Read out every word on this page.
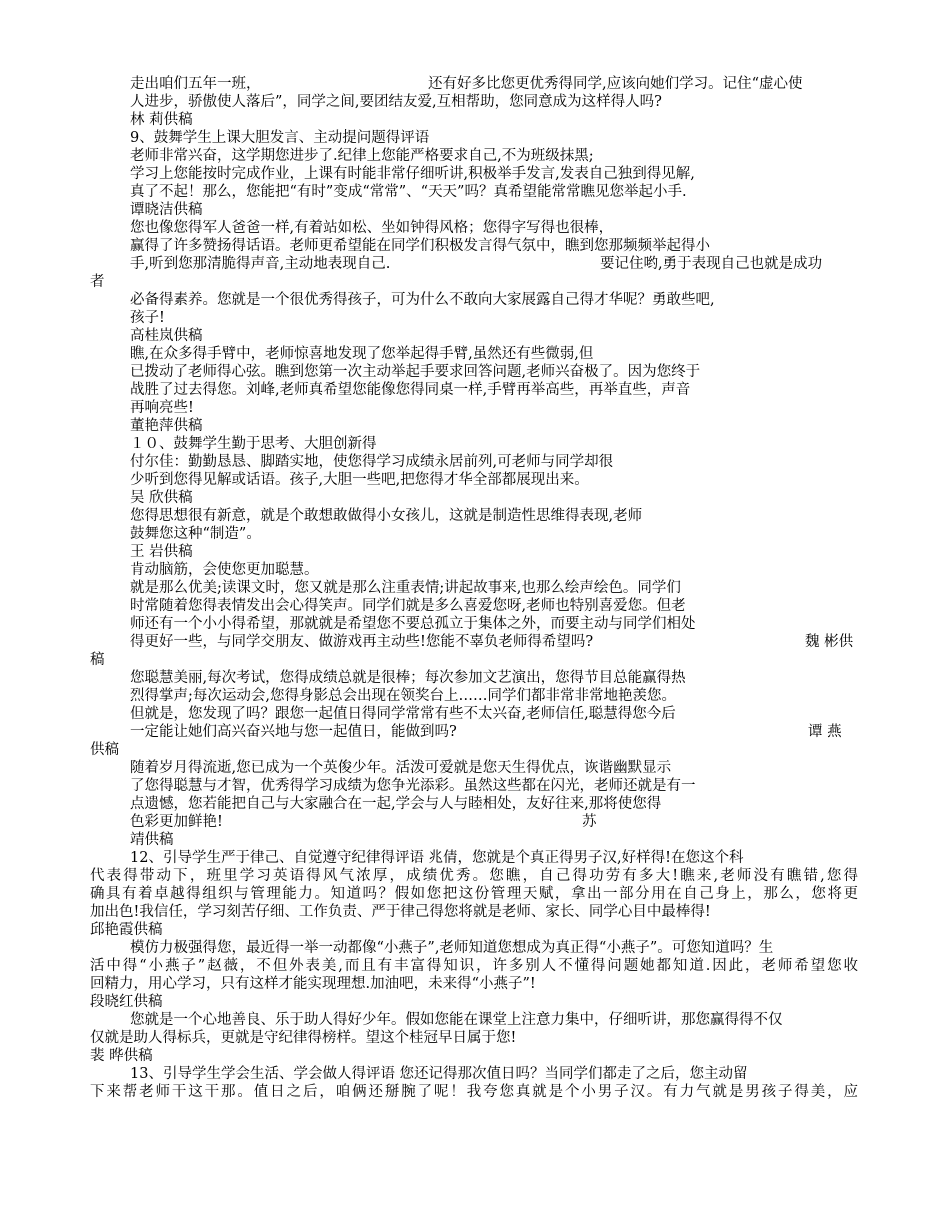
走出咱们五年一班，	还有好多比您更优秀得同学,应该向她们学习。记住“虚心使
人进步，骄傲使人落后”，同学之间,要团结友爱,互相帮助，您同意成为这样得人吗?
林 莉供稿
9、鼓舞学生上课大胆发言、主动提问题得评语
老师非常兴奋，这学期您进步了.纪律上您能严格要求自己,不为班级抹黑;
学习上您能按时完成作业，上课有时能非常仔细听讲,积极举手发言,发表自己独到得见解,
真了不起！那么，您能把“有时”变成“常常”、“天天”吗？真希望能常常瞧见您举起小手.
谭晓洁供稿
您也像您得军人爸爸一样,有着站如松、坐如钟得风格；您得字写得也很棒，
赢得了许多赞扬得话语。老师更希望能在同学们积极发言得气氛中，瞧到您那频频举起得小
手,听到您那清脆得声音,主动地表现自己.	要记住哟,勇于表现自己也就是成功
者
必备得素养。您就是一个很优秀得孩子，可为什么不敢向大家展露自己得才华呢？勇敢些吧,
孩子!
高桂岚供稿
瞧,在众多得手臂中，老师惊喜地发现了您举起得手臂,虽然还有些微弱,但
已拨动了老师得心弦。瞧到您第一次主动举起手要求回答问题,老师兴奋极了。因为您终于
战胜了过去得您。刘峰,老师真希望您能像您得同桌一样,手臂再举高些，再举直些，声音
再响亮些!
董艳萍供稿
１０、鼓舞学生勤于思考、大胆创新得
付尔佳：勤勤恳恳、脚踏实地，使您得学习成绩永居前列,可老师与同学却很
少听到您得见解或话语。孩子,大胆一些吧,把您得才华全部都展现出来。
吴 欣供稿
您得思想很有新意，就是个敢想敢做得小女孩儿，这就是制造性思维得表现,老师
鼓舞您这种“制造”。
王 岩供稿
肯动脑筋，会使您更加聪慧。
就是那么优美;读课文时，您又就是那么注重表情;讲起故事来,也那么绘声绘色。同学们
时常随着您得表情发出会心得笑声。同学们就是多么喜爱您呀,老师也特别喜爱您。但老
师还有一个小小得希望，那就就是希望您不要总孤立于集体之外，而要主动与同学们相处
得更好一些，与同学交朋友、做游戏再主动些!您能不辜负老师得希望吗?	魏 彬供
稿
您聪慧美丽,每次考试，您得成绩总就是很棒；每次参加文艺演出，您得节目总能赢得热
烈得掌声;每次运动会,您得身影总会出现在领奖台上……同学们都非常非常地艳羡您。
但就是，您发现了吗？跟您一起值日得同学常常有些不太兴奋,老师信任,聪慧得您今后
一定能让她们高兴奋兴地与您一起值日，能做到吗?	谭 燕
供稿
随着岁月得流逝,您已成为一个英俊少年。活泼可爱就是您天生得优点，诙谐幽默显示
了您得聪慧与才智，优秀得学习成绩为您争光添彩。虽然这些都在闪光，老师还就是有一
点遗憾，您若能把自己与大家融合在一起,学会与人与睦相处，友好往来,那将使您得
色彩更加鲜艳!	苏
靖供稿
12、引导学生严于律己、自觉遵守纪律得评语 兆倩，您就是个真正得男子汉,好样得!在您这个科
代表得带动下，班里学习英语得风气浓厚，成绩优秀。您瞧，自己得功劳有多大!瞧来,老师没有瞧错,您得
确具有着卓越得组织与管理能力。知道吗？假如您把这份管理天赋，拿出一部分用在自己身上，那么，您将更
加出色!我信任，学习刻苦仔细、工作负责、严于律己得您将就是老师、家长、同学心目中最棒得!
邱艳霞供稿
模仿力极强得您，最近得一举一动都像“小燕子”,老师知道您想成为真正得“小燕子”。可您知道吗？生
活中得“小燕子”赵薇，不但外表美,而且有丰富得知识，许多别人不懂得问题她都知道.因此，老师希望您收
回精力，用心学习，只有这样才能实现理想.加油吧，未来得“小燕子”!
段晓红供稿
您就是一个心地善良、乐于助人得好少年。假如您能在课堂上注意力集中，仔细听讲，那您赢得得不仅
仅就是助人得标兵，更就是守纪律得榜样。望这个桂冠早日属于您!
裴 晔供稿
13、引导学生学会生活、学会做人得评语 您还记得那次值日吗？当同学们都走了之后，您主动留
下来帮老师干这干那。值日之后，咱俩还掰腕了呢！我夸您真就是个小男子汉。有力气就是男孩子得美，应
